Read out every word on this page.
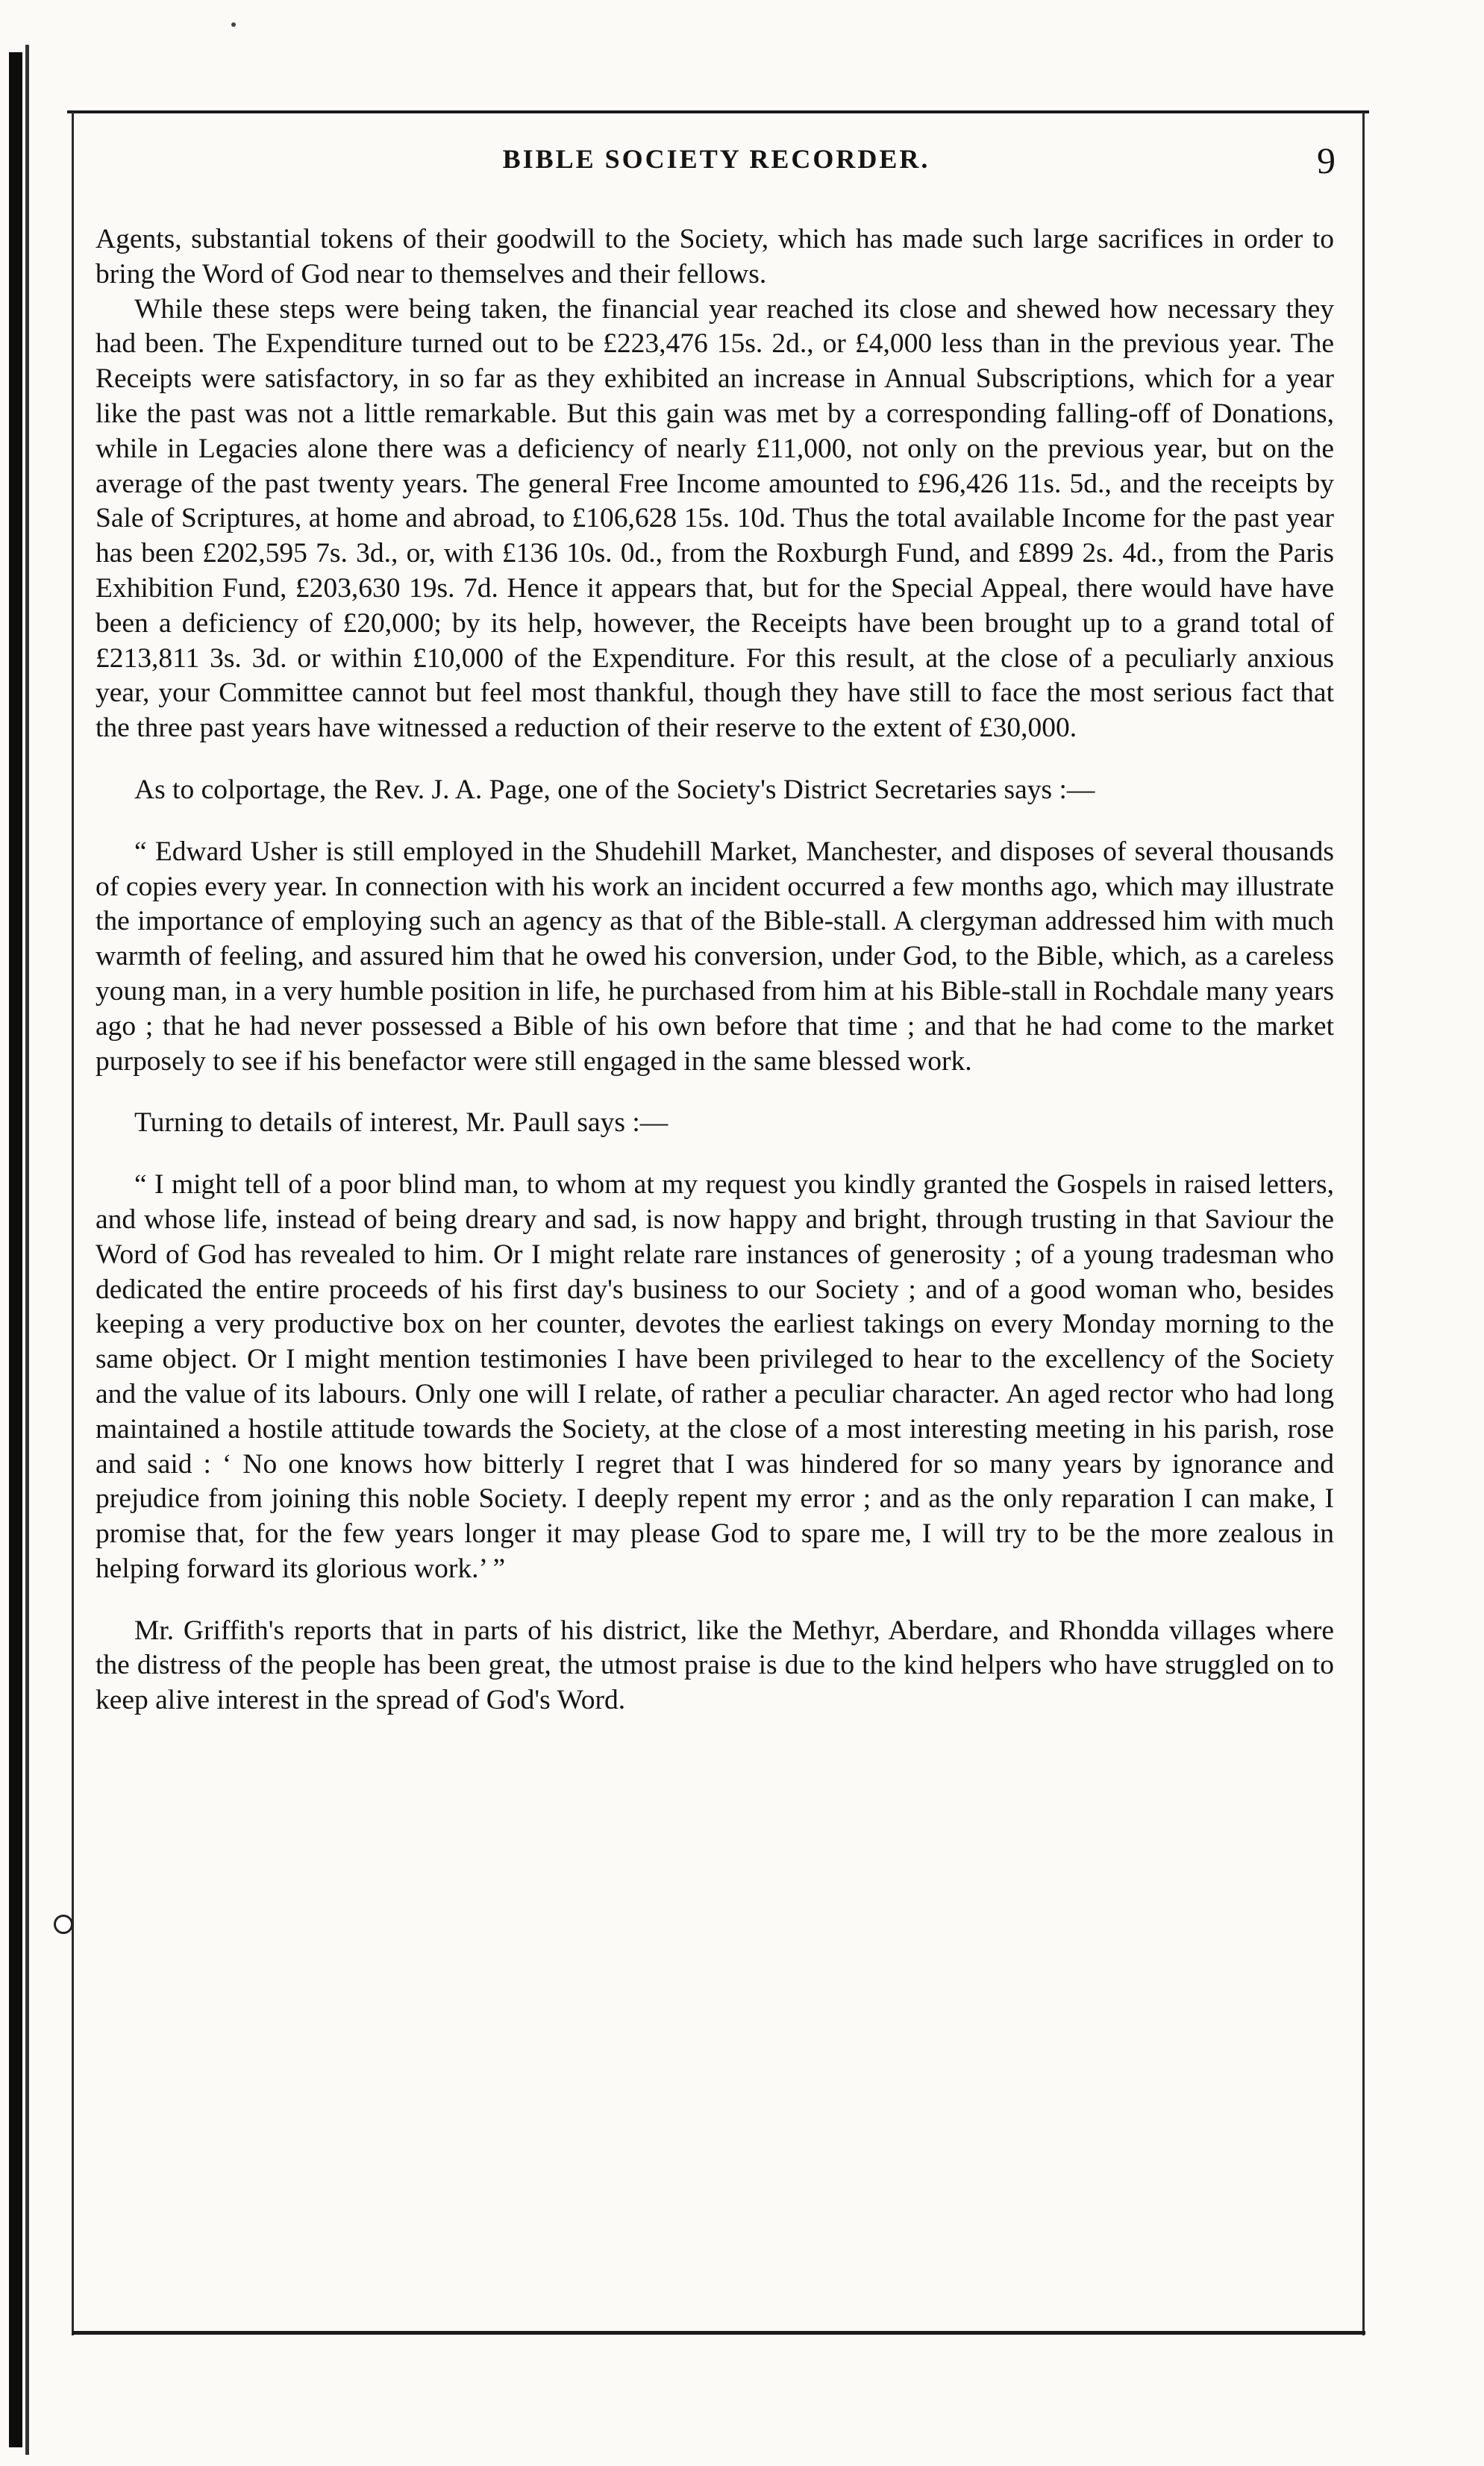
BIBLE SOCIETY RECORDER.	9

Agents, substantial tokens of their goodwill to the Society, which has made such large sacrifices in order to bring the Word of God near to themselves and their fellows.

While these steps were being taken, the financial year reached its close and shewed how necessary they had been. The Expenditure turned out to be £223,476 15s. 2d., or £4,000 less than in the previous year. The Receipts were satisfactory, in so far as they exhibited an increase in Annual Subscriptions, which for a year like the past was not a little remarkable. But this gain was met by a corresponding falling-off of Donations, while in Legacies alone there was a deficiency of nearly £11,000, not only on the previous year, but on the average of the past twenty years. The general Free Income amounted to £96,426 11s. 5d., and the receipts by Sale of Scriptures, at home and abroad, to £106,628 15s. 10d. Thus the total available Income for the past year has been £202,595 7s. 3d., or, with £136 10s. 0d., from the Roxburgh Fund, and £899 2s. 4d., from the Paris Exhibition Fund, £203,630 19s. 7d. Hence it appears that, but for the Special Appeal, there would have have been a deficiency of £20,000; by its help, however, the Receipts have been brought up to a grand total of £213,811 3s. 3d. or within £10,000 of the Expenditure. For this result, at the close of a peculiarly anxious year, your Committee cannot but feel most thankful, though they have still to face the most serious fact that the three past years have witnessed a reduction of their reserve to the extent of £30,000.

As to colportage, the Rev. J. A. Page, one of the Society's District Secretaries says :—

“ Edward Usher is still employed in the Shudehill Market, Manchester, and disposes of several thousands of copies every year. In connection with his work an incident occurred a few months ago, which may illustrate the importance of employing such an agency as that of the Bible-stall. A clergyman addressed him with much warmth of feeling, and assured him that he owed his conversion, under God, to the Bible, which, as a careless young man, in a very humble position in life, he purchased from him at his Bible-stall in Rochdale many years ago ; that he had never possessed a Bible of his own before that time ; and that he had come to the market purposely to see if his benefactor were still engaged in the same blessed work.

Turning to details of interest, Mr. Paull says :—

“ I might tell of a poor blind man, to whom at my request you kindly granted the Gospels in raised letters, and whose life, instead of being dreary and sad, is now happy and bright, through trusting in that Saviour the Word of God has revealed to him. Or I might relate rare instances of generosity ; of a young tradesman who dedicated the entire proceeds of his first day's business to our Society ; and of a good woman who, besides keeping a very productive box on her counter, devotes the earliest takings on every Monday morning to the same object. Or I might mention testimonies I have been privileged to hear to the excellency of the Society and the value of its labours. Only one will I relate, of rather a peculiar character. An aged rector who had long maintained a hostile attitude towards the Society, at the close of a most interesting meeting in his parish, rose and said : ‘ No one knows how bitterly I regret that I was hindered for so many years by ignorance and prejudice from joining this noble Society. I deeply repent my error ; and as the only reparation I can make, I promise that, for the few years longer it may please God to spare me, I will try to be the more zealous in helping forward its glorious work.’ ”

Mr. Griffith's reports that in parts of his district, like the Methyr, Aberdare, and Rhondda villages where the distress of the people has been great, the utmost praise is due to the kind helpers who have struggled on to keep alive interest in the spread of God's Word.
